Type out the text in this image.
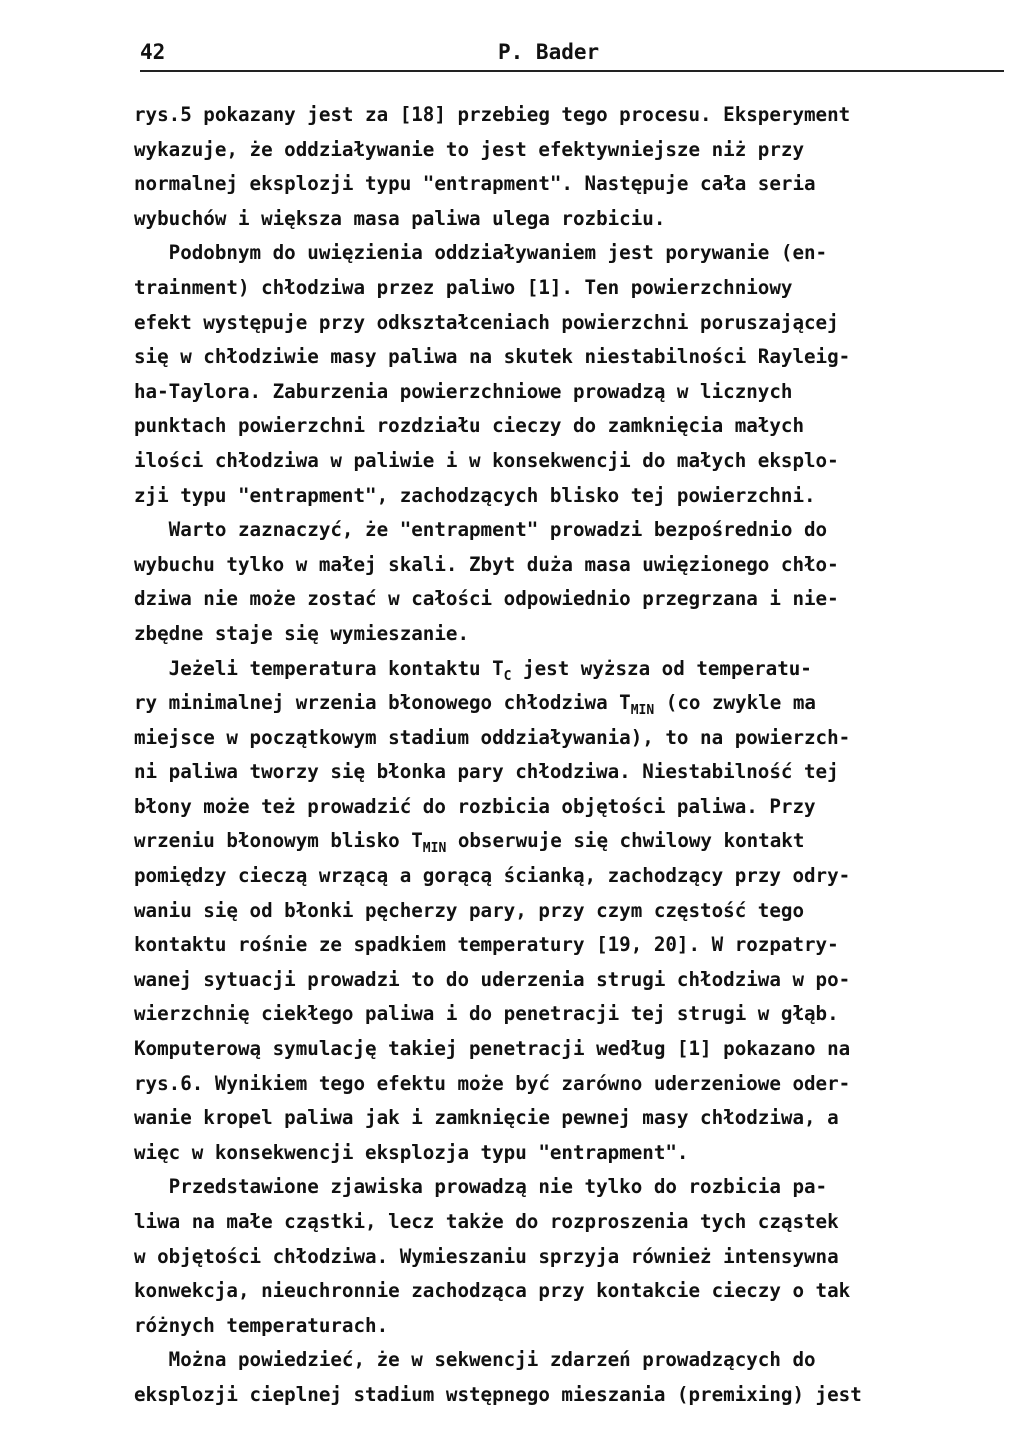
42	P. Bader
rys.5 pokazany jest za [18] przebieg tego procesu. Eksperyment
wykazuje, że oddziaływanie to jest efektywniejsze niż przy
normalnej eksplozji typu "entrapment". Następuje cała seria
wybuchów i większa masa paliwa ulega rozbiciu.
Podobnym do uwięzienia oddziaływaniem jest porywanie (en-
trainment) chłodziwa przez paliwo [1]. Ten powierzchniowy
efekt występuje przy odkształceniach powierzchni poruszającej
się w chłodziwie masy paliwa na skutek niestabilności Rayleig-
ha-Taylora. Zaburzenia powierzchniowe prowadzą w licznych
punktach powierzchni rozdziału cieczy do zamknięcia małych
ilości chłodziwa w paliwie i w konsekwencji do małych eksplo-
zji typu "entrapment", zachodzących blisko tej powierzchni.
Warto zaznaczyć, że "entrapment" prowadzi bezpośrednio do
wybuchu tylko w małej skali. Zbyt duża masa uwięzionego chło-
dziwa nie może zostać w całości odpowiednio przegrzana i nie-
zbędne staje się wymieszanie.
Jeżeli temperatura kontaktu $T_C$ jest wyższa od temperatu-
ry minimalnej wrzenia błonowego chłodziwa $T_{MIN}$ (co zwykle ma
miejsce w początkowym stadium oddziaływania), to na powierzch-
ni paliwa tworzy się błonka pary chłodziwa. Niestabilność tej
błony może też prowadzić do rozbicia objętości paliwa. Przy
wrzeniu błonowym blisko $T_{MIN}$ obserwuje się chwilowy kontakt
pomiędzy cieczą wrzącą a gorącą ścianką, zachodzący przy odry-
waniu się od błonki pęcherzy pary, przy czym częstość tego
kontaktu rośnie ze spadkiem temperatury [19, 20]. W rozpatry-
wanej sytuacji prowadzi to do uderzenia strugi chłodziwa w po-
wierzchnię ciekłego paliwa i do penetracji tej strugi w głąb.
Komputerową symulację takiej penetracji według [1] pokazano na
rys.6. Wynikiem tego efektu może być zarówno uderzeniowe oder-
wanie kropel paliwa jak i zamknięcie pewnej masy chłodziwa, a
więc w konsekwencji eksplozja typu "entrapment".
Przedstawione zjawiska prowadzą nie tylko do rozbicia pa-
liwa na małe cząstki, lecz także do rozproszenia tych cząstek
w objętości chłodziwa. Wymieszaniu sprzyja również intensywna
konwekcja, nieuchronnie zachodząca przy kontakcie cieczy o tak
różnych temperaturach.
Można powiedzieć, że w sekwencji zdarzeń prowadzących do
eksplozji cieplnej stadium wstępnego mieszania (premixing) jest
